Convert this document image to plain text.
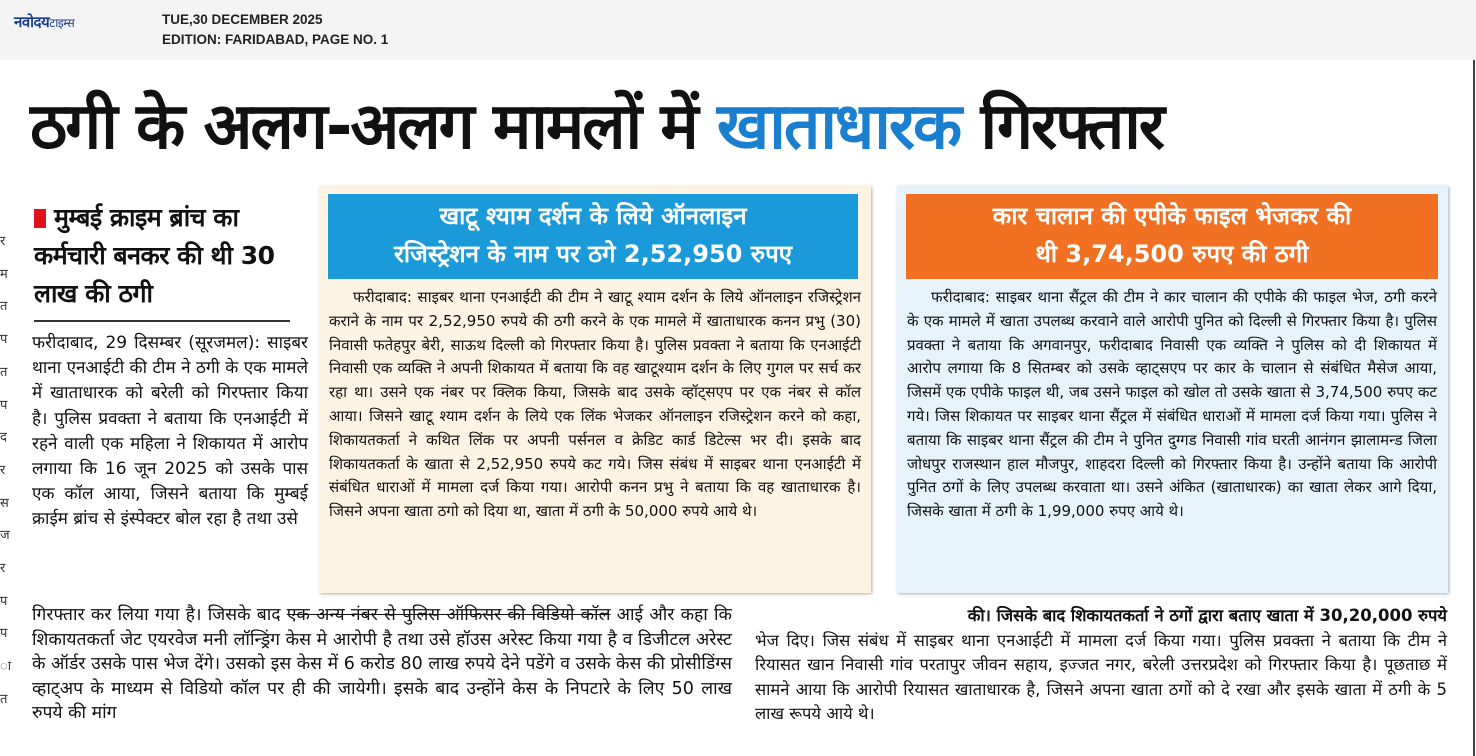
नवोदयटाइम्स	TUE,30 DECEMBER 2025
EDITION: FARIDABAD, PAGE NO. 1
र
म
त
प
त
प
द
र
स
ज
र
प
प
ा
त
ठगी के अलग-अलग मामलों में खाताधारक गिरफ्तार
मुम्बई क्राइम ब्रांच का कर्मचारी बनकर की थी 30 लाख की ठगी

फरीदाबाद, 29 दिसम्बर (सूरजमल): साइबर थाना एनआईटी की टीम ने ठगी के एक मामले में खाताधारक को बरेली को गिरफ्तार किया है। पुलिस प्रवक्ता ने बताया कि एनआईटी में रहने वाली एक महिला ने शिकायत में आरोप लगाया कि 16 जून 2025 को उसके पास एक कॉल आया, जिसने बताया कि मुम्बई क्राईम ब्रांच से इंस्पेक्टर बोल रहा है तथा उसे

गिरफ्तार कर लिया गया है। जिसके बाद एक अन्य नंबर से पुलिस ऑफिसर की विडियो कॉल आई और कहा कि शिकायतकर्ता जेट एयरवेज मनी लॉन्ड्रिंग केस मे आरोपी है तथा उसे हॉउस अरेस्ट किया गया है व डिजीटल अरेस्ट के ऑर्डर उसके पास भेज देंगे। उसको इस केस में 6 करोड 80 लाख रुपये देने पडेंगे व उसके केस की प्रोसीडिंग्स व्हाट्अप के माध्यम से विडियो कॉल पर ही की जायेगी। इसके बाद उन्होंने केस के निपटारे के लिए 50 लाख रुपये की मांग

की। जिसके बाद शिकायतकर्ता ने ठगों द्वारा बताए खाता में 30,20,000 रुपये

भेज दिए। जिस संबंध में साइबर थाना एनआईटी में मामला दर्ज किया गया। पुलिस प्रवक्ता ने बताया कि टीम ने रियासत खान निवासी गांव परतापुर जीवन सहाय, इज्जत नगर, बरेली उत्तरप्रदेश को गिरफ्तार किया है। पूछताछ में सामने आया कि आरोपी रियासत खाताधारक है, जिसने अपना खाता ठगों को दे रखा और इसके खाता में ठगी के 5 लाख रूपये आये थे।

खाटू श्याम दर्शन के लिये ऑनलाइन

रजिस्ट्रेशन के नाम पर ठगे 2,52,950 रुपए

फरीदाबाद: साइबर थाना एनआईटी की टीम ने खाटू श्याम दर्शन के लिये ऑनलाइन रजिस्ट्रेशन कराने के नाम पर 2,52,950 रुपये की ठगी करने के एक मामले में खाताधारक कनन प्रभु (30) निवासी फतेहपुर बेरी, साऊथ दिल्ली को गिरफ्तार किया है। पुलिस प्रवक्ता ने बताया कि एनआईटी निवासी एक व्यक्ति ने अपनी शिकायत में बताया कि वह खाटूश्याम दर्शन के लिए गुगल पर सर्च कर रहा था। उसने एक नंबर पर क्लिक किया, जिसके बाद उसके व्हॉट्सएप पर एक नंबर से कॉल आया। जिसने खाटू श्याम दर्शन के लिये एक लिंक भेजकर ऑनलाइन रजिस्ट्रेशन करने को कहा, शिकायतकर्ता ने कथित लिंक पर अपनी पर्सनल व क्रेडिट कार्ड डिटेल्स भर दी। इसके बाद शिकायतकर्ता के खाता से 2,52,950 रुपये कट गये। जिस संबंध में साइबर थाना एनआईटी में संबंधित धाराओं में मामला दर्ज किया गया। आरोपी कनन प्रभु ने बताया कि वह खाताधारक है। जिसने अपना खाता ठगो को दिया था, खाता में ठगी के 50,000 रुपये आये थे।

कार चालान की एपीके फाइल भेजकर की

थी 3,74,500 रुपए की ठगी

फरीदाबाद: साइबर थाना सैंट्रल की टीम ने कार चालान की एपीके की फाइल भेज, ठगी करने के एक मामले में खाता उपलब्ध करवाने वाले आरोपी पुनित को दिल्ली से गिरफ्तार किया है। पुलिस प्रवक्ता ने बताया कि अगवानपुर, फरीदाबाद निवासी एक व्यक्ति ने पुलिस को दी शिकायत में आरोप लगाया कि 8 सितम्बर को उसके व्हाट्सएप पर कार के चालान से संबंधित मैसेज आया, जिसमें एक एपीके फाइल थी, जब उसने फाइल को खोल तो उसके खाता से 3,74,500 रुपए कट गये। जिस शिकायत पर साइबर थाना सैंट्रल में संबंधित धाराओं में मामला दर्ज किया गया। पुलिस ने बताया कि साइबर थाना सैंट्रल की टीम ने पुनित दुग्गड निवासी गांव घरती आनंगन झालामन्ड जिला जोधपुर राजस्थान हाल मौजपुर, शाहदरा दिल्ली को गिरफ्तार किया है। उन्होंने बताया कि आरोपी पुनित ठगों के लिए उपलब्ध करवाता था। उसने अंकित (खाताधारक) का खाता लेकर आगे दिया, जिसके खाता में ठगी के 1,99,000 रुपए आये थे।
